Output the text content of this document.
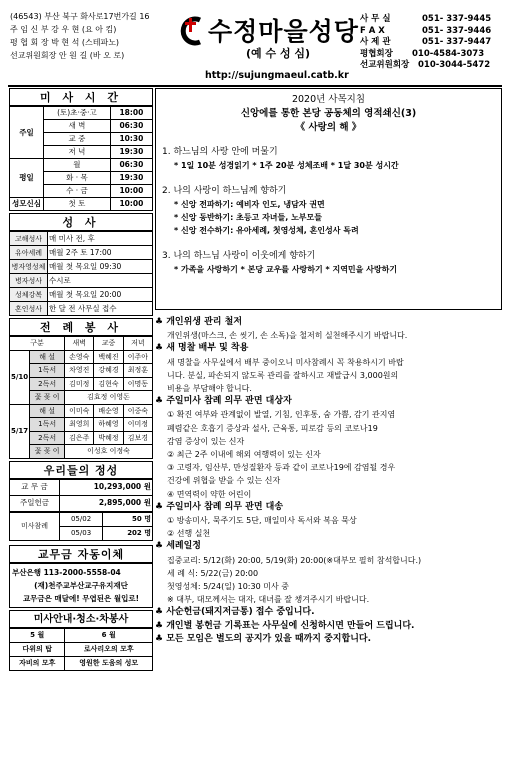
(46543) 부산 북구 화사로17번가길 16
주 임 신 부 강 우 현 (요 아 킴)
평 협 회 장 박 현 석 (스테파노)
선교위원회장 안 원 길 (바 오 로)
수정마을성당
(예 수 성 심)
http://sujungmaeul.catb.kr
사 무 실	051- 337-9445
F A X	051- 337-9446
사 제 관	051- 337-9447
평협회장 010-4584-3073
선교위원회장 010-3044-5472
미 사 시 간
주일	(토)초·중·고	18:00
	새 벽	06:30
	교 중	10:30
	저 녁	19:30
평일	월	06:30
	화 · 목	19:30
	수 · 금	10:00
성모신심	첫 토	10:00
성 사
고해성사	매 미사 전, 후
유아세례	매월 2주 토 17:00
병자영성체	매월 첫 목요일 09:30
병자성사	수시로
성체강복	매월 첫 목요일 20:00
혼인성사	한 달 전 사무실 접수
전 례 봉 사
구분		새벽	교중	저녁
5/10	해 설	손영숙	백혜진	이주아
	1독서	차영진	강혜경	최정훈
	2독서	김미정	김현숙	이명동
	꽃 꽂 이	김효정 이영돈		
5/17	해 설	이미숙	배순영	이중숙
	1독서	최영희	하혜영	이미정
	2독서	김은주	박혜정	김보경
	꽃 꽂 이	이성호 이정숙		
우리들의 정성
교 무 금	10,293,000 원
주일헌금	2,895,000 원
미사참례	05/02	50 명
	05/03	202 명
교무금 자동이체
부산은행 113-2000-5558-04
(재)천주교부산교구유지재단
교무금은 매달에! 무엽된은 월입로!
미사안내·청소·차봉사
5 월	6 월
다위의 탑	로사리오의 모후
자비의 모후	영원한 도움의 성모
2020년 사목지침
신앙에를 통한 본당 공동체의 영적쇄신(3)
《 사랑의 해 》
1. 하느님의 사랑 안에 머물기
* 1일 10분 성경읽기 * 1주 20분 성체조배 * 1달 30분 성시간
2. 나의 사랑이 하느님께 향하기
* 신앙 전파하기: 예비자 인도, 냉담자 권면
* 신앙 동반하기: 초등고 자녀들, 노부모들
* 신앙 전수하기: 유아세례, 첫영성체, 혼인성사 독려
3. 나의 하느님 사랑이 이웃에게 향하기
* 가족을 사랑하기 * 본당 교우를 사랑하기 * 지역민을 사랑하기
♣ 개인위생 관리 철저
개인위생(마스크, 손 씻기, 손 소독)을 철저히 실천해주시기 바랍니다.
♣ 새 명찰 배부 및 착용
새 명찰을 사무실에서 배부 중이오니 미사참례시 꼭 착용하시기 바랍
니다. 분실, 파손되지 않도록 관리를 잘하시고 재발급시 3,000원의
비용을 부담해야 합니다.
♣ 주일미사 참례 의무 관면 대상자
① 확진 여부와 관계없이 발열, 기침, 인후통, 숨 가쁨, 감기 관지염
폐렴같은 호흡기 증상과 설사, 근육통, 피로감 등의 코로나19
감염 증상이 있는 신자
② 최근 2주 이내에 해외 여행력이 있는 신자
③ 고령자, 임산부, 만성질환자 등과 같이 코로나19에 감염될 경우
건강에 위협을 받을 수 있는 신자
④ 면역력이 약한 어린이
♣ 주일미사 참례 의무 관면 대송
① 방송미사, 묵주기도 5단, 매일미사 독서와 복음 묵상
② 선행 실천
♣ 세례일정
집중교리: 5/12(화) 20:00, 5/19(화) 20:00(※대부모 필히 참석합니다.)
세 례 식: 5/22(금) 20:00
첫영성체: 5/24(일) 10:30 미사 중
※ 대부, 대모께서는 대자, 대녀를 잘 챙겨주시기 바랍니다.
♣ 사순헌금(돼지저금통) 접수 중입니다.
♣ 개인별 봉헌금 기록표는 사무실에 신청하시면 만들어 드립니다.
♣ 모든 모임은 별도의 공지가 있을 때까지 중지합니다.
